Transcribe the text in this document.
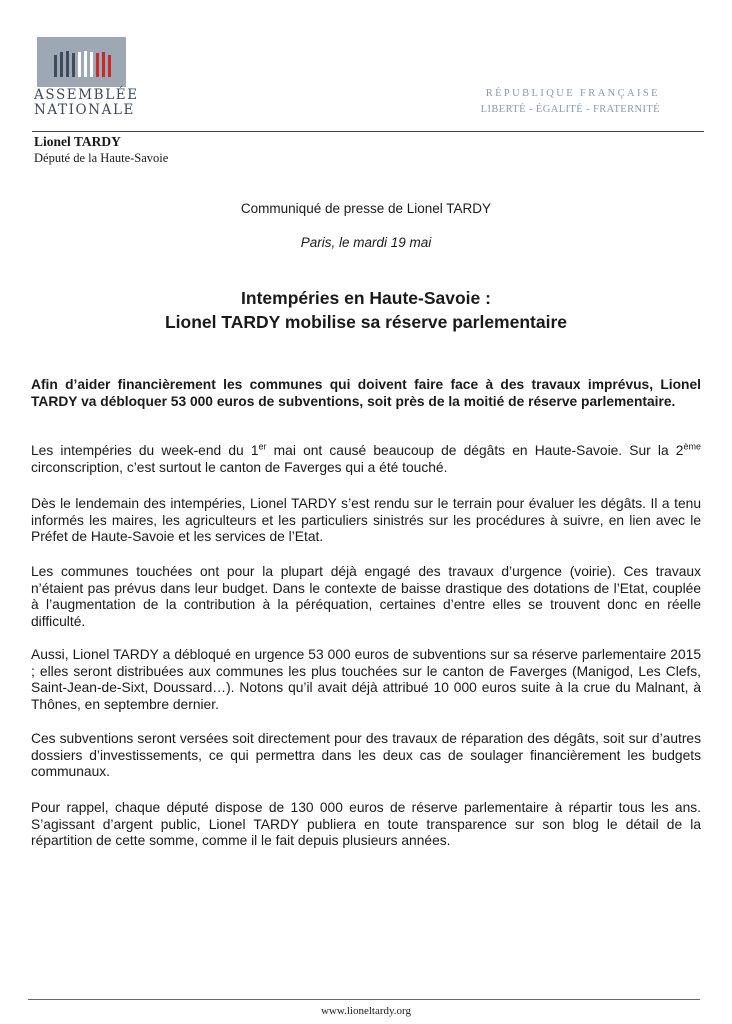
ASSEMBLÉE
NATIONALE
RÉPUBLIQUE FRANÇAISE
LIBERTÉ - ÉGALITÉ - FRATERNITÉ
Lionel TARDY
Député de la Haute-Savoie
Communiqué de presse de Lionel TARDY
Paris, le mardi 19 mai
Intempéries en Haute-Savoie :
Lionel TARDY mobilise sa réserve parlementaire
Afin d’aider financièrement les communes qui doivent faire face à des travaux imprévus, Lionel TARDY va débloquer 53 000 euros de subventions, soit près de la moitié de réserve parlementaire.
Les intempéries du week-end du 1er mai ont causé beaucoup de dégâts en Haute-Savoie. Sur la 2ème circonscription, c’est surtout le canton de Faverges qui a été touché.
Dès le lendemain des intempéries, Lionel TARDY s’est rendu sur le terrain pour évaluer les dégâts. Il a tenu informés les maires, les agriculteurs et les particuliers sinistrés sur les procédures à suivre, en lien avec le Préfet de Haute-Savoie et les services de l’Etat.
Les communes touchées ont pour la plupart déjà engagé des travaux d’urgence (voirie). Ces travaux n’étaient pas prévus dans leur budget. Dans le contexte de baisse drastique des dotations de l’Etat, couplée à l’augmentation de la contribution à la péréquation, certaines d’entre elles se trouvent donc en réelle difficulté.
Aussi, Lionel TARDY a débloqué en urgence 53 000 euros de subventions sur sa réserve parlementaire 2015 ; elles seront distribuées aux communes les plus touchées sur le canton de Faverges (Manigod, Les Clefs, Saint-Jean-de-Sixt, Doussard…). Notons qu’il avait déjà attribué 10 000 euros suite à la crue du Malnant, à Thônes, en septembre dernier.
Ces subventions seront versées soit directement pour des travaux de réparation des dégâts, soit sur d’autres dossiers d’investissements, ce qui permettra dans les deux cas de soulager financièrement les budgets communaux.
Pour rappel, chaque député dispose de 130 000 euros de réserve parlementaire à répartir tous les ans. S’agissant d’argent public, Lionel TARDY publiera en toute transparence sur son blog le détail de la répartition de cette somme, comme il le fait depuis plusieurs années.
www.lioneltardy.org
